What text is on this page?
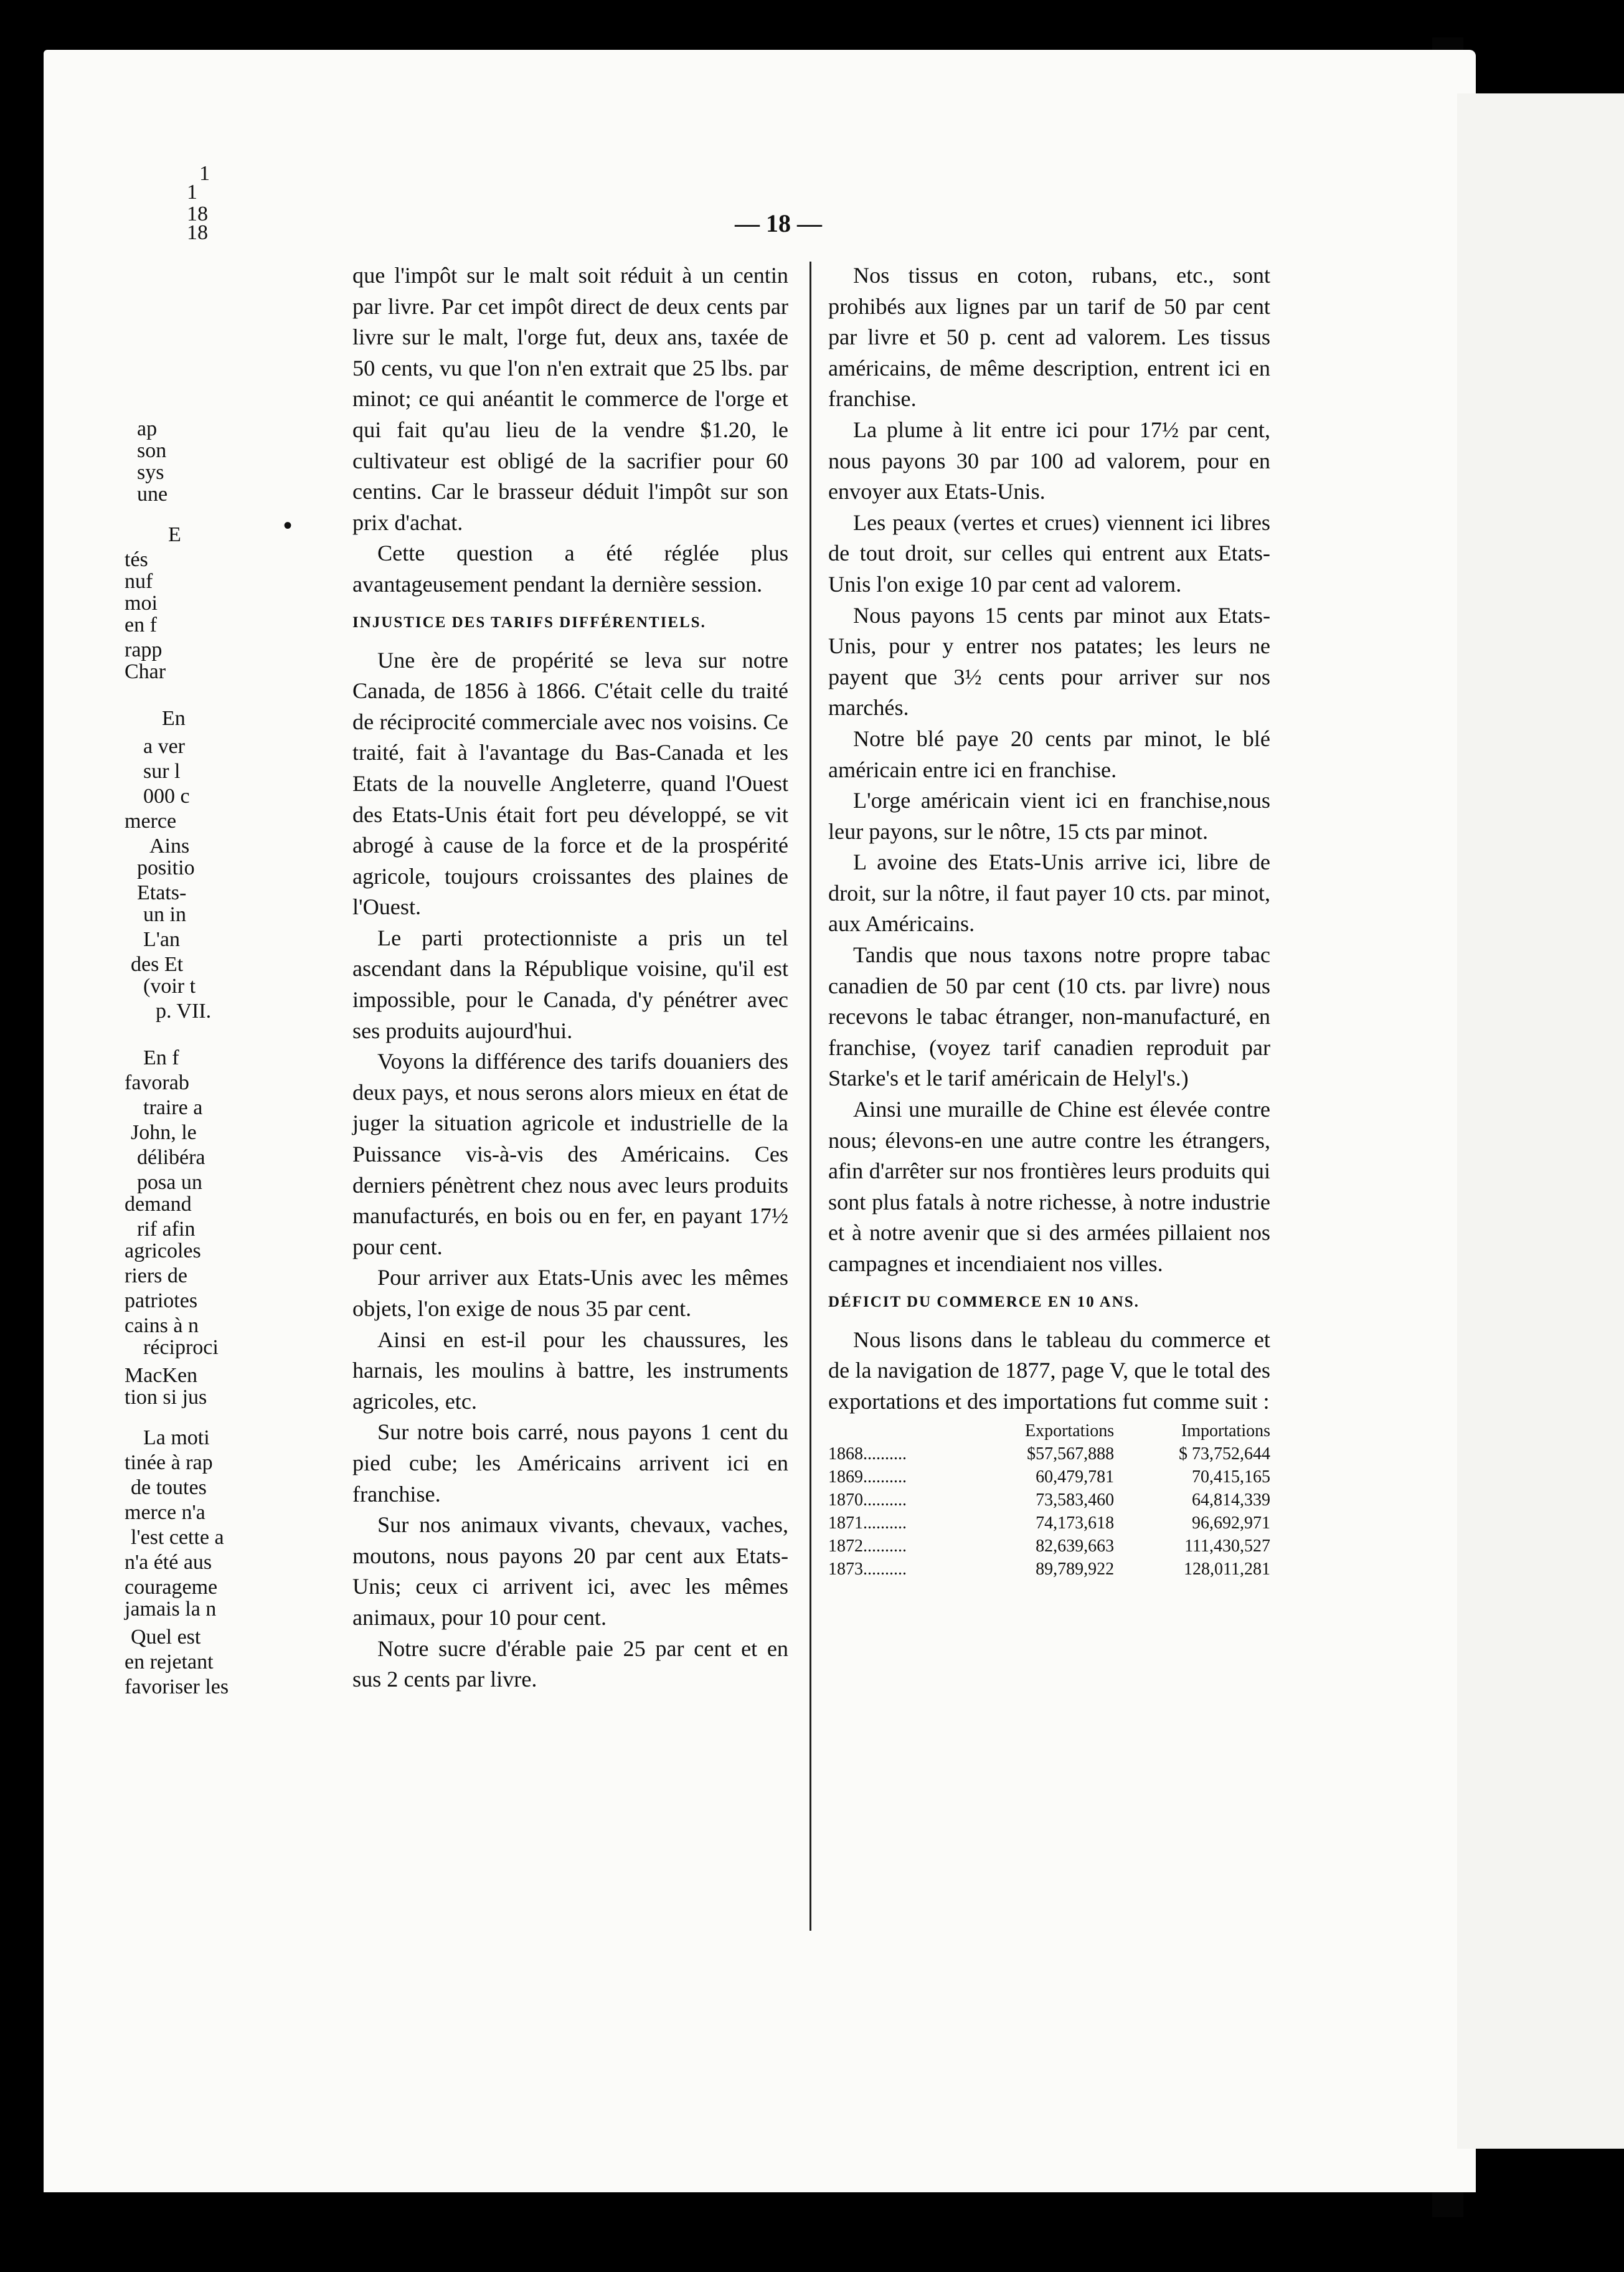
— 18 —

que l'impôt sur le malt soit réduit à un centin par livre. Par cet impôt direct de deux cents par livre sur le malt, l'orge fut, deux ans, taxée de 50 cents, vu que l'on n'en extrait que 25 lbs. par minot; ce qui anéantit le commerce de l'orge et qui fait qu'au lieu de la vendre $1.20, le cultivateur est obligé de la sacrifier pour 60 centins. Car le brasseur déduit l'impôt sur son prix d'achat.

Cette question a été réglée plus avantageusement pendant la dernière session.

INJUSTICE DES TARIFS DIFFÉRENTIELS.

Une ère de propérité se leva sur notre Canada, de 1856 à 1866. C'était celle du traité de réciprocité commerciale avec nos voisins. Ce traité, fait à l'avantage du Bas-Canada et les Etats de la nouvelle Angleterre, quand l'Ouest des Etats-Unis était fort peu développé, se vit abrogé à cause de la force et de la prospérité agricole, toujours croissantes des plaines de l'Ouest.

Le parti protectionniste a pris un tel ascendant dans la République voisine, qu'il est impossible, pour le Canada, d'y pénétrer avec ses produits aujourd'hui.

Voyons la différence des tarifs douaniers des deux pays, et nous serons alors mieux en état de juger la situation agricole et industrielle de la Puissance vis-à-vis des Américains. Ces derniers pénètrent chez nous avec leurs produits manufacturés, en bois ou en fer, en payant 17½ pour cent.

Pour arriver aux Etats-Unis avec les mêmes objets, l'on exige de nous 35 par cent.

Ainsi en est-il pour les chaussures, les harnais, les moulins à battre, les instruments agricoles, etc.

Sur notre bois carré, nous payons 1 cent du pied cube; les Américains arrivent ici en franchise.

Sur nos animaux vivants, chevaux, vaches, moutons, nous payons 20 par cent aux Etats-Unis; ceux ci arrivent ici, avec les mêmes animaux, pour 10 pour cent.

Notre sucre d'érable paie 25 par cent et en sus 2 cents par livre.

Nos tissus en coton, rubans, etc., sont prohibés aux lignes par un tarif de 50 par cent par livre et 50 p. cent ad valorem. Les tissus américains, de même description, entrent ici en franchise.

La plume à lit entre ici pour 17½ par cent, nous payons 30 par 100 ad valorem, pour en envoyer aux Etats-Unis.

Les peaux (vertes et crues) viennent ici libres de tout droit, sur celles qui entrent aux Etats-Unis l'on exige 10 par cent ad valorem.

Nous payons 15 cents par minot aux Etats-Unis, pour y entrer nos patates; les leurs ne payent que 3½ cents pour arriver sur nos marchés.

Notre blé paye 20 cents par minot, le blé américain entre ici en franchise.

L'orge américain vient ici en franchise,nous leur payons, sur le nôtre, 15 cts par minot.

L avoine des Etats-Unis arrive ici, libre de droit, sur la nôtre, il faut payer 10 cts. par minot, aux Américains.

Tandis que nous taxons notre propre tabac canadien de 50 par cent (10 cts. par livre) nous recevons le tabac étranger, non-manufacturé, en franchise, (voyez tarif canadien reproduit par Starke's et le tarif américain de Helyl's.)

Ainsi une muraille de Chine est élevée contre nous; élevons-en une autre contre les étrangers, afin d'arrêter sur nos frontières leurs produits qui sont plus fatals à notre richesse, à notre industrie et à notre avenir que si des armées pillaient nos campagnes et incendiaient nos villes.

DÉFICIT DU COMMERCE EN 10 ANS.

Nous lisons dans le tableau du commerce et de la navigation de 1877, page V, que le total des exportations et des importations fut comme suit :

	Exportations	Importations
1868..........	$57,567,888	$ 73,752,644
1869..........	60,479,781	70,415,165
1870..........	73,583,460	64,814,339
1871..........	74,173,618	96,692,971
1872..........	82,639,663	111,430,527
1873..........	89,789,922	128,011,281
1
1
18
18
ap
son
sys
une
E
tés
nuf
moi
en f
rapp
Char
En
a ver
sur l
000 c
merce
Ains
positio
Etats-
un in
L'an
des Et
(voir t
p. VII.
En f
favorab
traire a
John, le
délibéra
posa un
demand
rif afin
agricoles
riers de
patriotes
cains à n
réciproci
MacKen
tion si jus
La moti
tinée à rap
de toutes
merce n'a
l'est cette a
n'a été aus
courageme
jamais la n
Quel est
en rejetant
favoriser les
•
